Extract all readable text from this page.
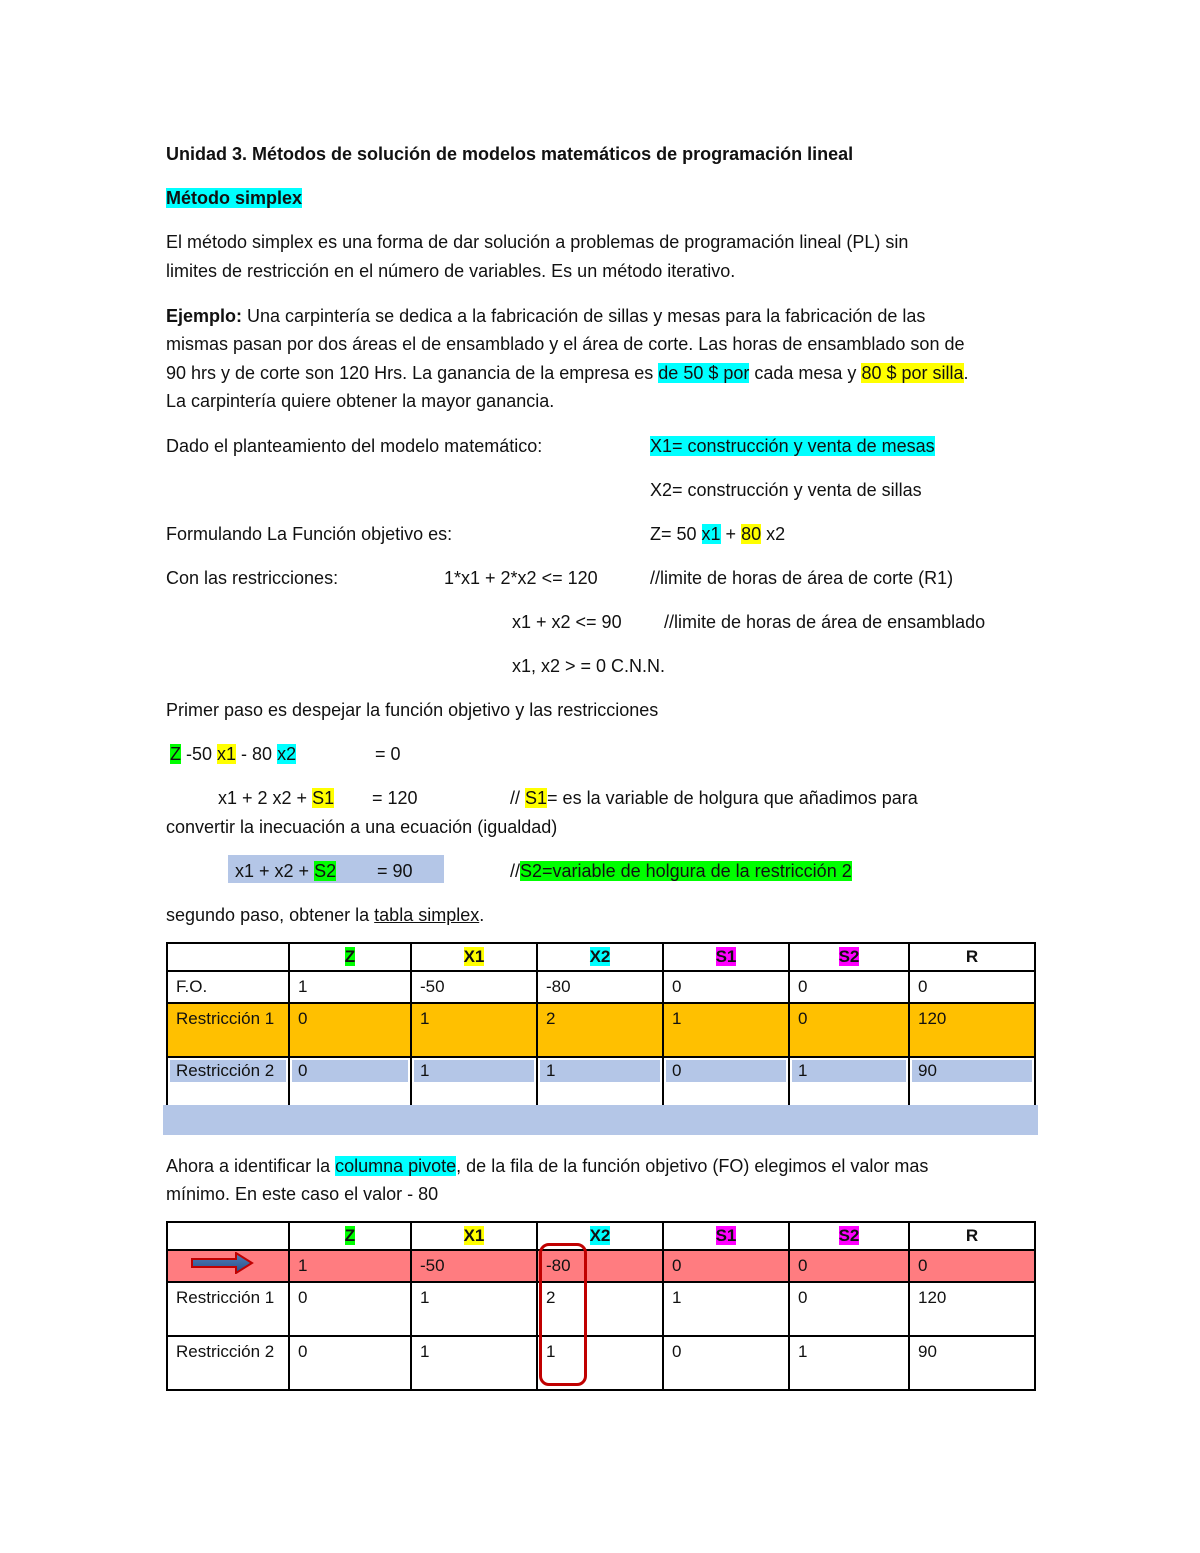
Unidad 3. Métodos de solución de modelos matemáticos de programación lineal
Método simplex
El método simplex es una forma de dar solución a problemas de programación lineal (PL) sin
limites de restricción en el número de variables. Es un método iterativo.
Ejemplo: Una carpintería se dedica a la fabricación de sillas y mesas para la fabricación de las
mismas pasan por dos áreas el de ensamblado y el área de corte. Las horas de ensamblado son de
90 hrs y de corte son 120 Hrs. La ganancia de la empresa es de 50 $ por cada mesa y 80 $ por silla.
La carpintería quiere obtener la mayor ganancia.
Dado el planteamiento del modelo matemático:	X1= construcción y venta de mesas
X2= construcción y venta de sillas
Formulando La Función objetivo es:	Z= 50 x1 + 80 x2
Con las restricciones:	1*x1 + 2*x2 <= 120	//limite de horas de área de corte (R1)
x1 + x2 <= 90 //limite de horas de área de ensamblado
x1, x2 > = 0 C.N.N.
Primer paso es despejar la función objetivo y las restricciones
Z -50 x1 - 80 x2	= 0
x1 + 2 x2 + S1 = 120	// S1= es la variable de holgura que añadimos para
convertir la inecuación a una ecuación (igualdad)
x1 + x2 + S2 = 90	//S2=variable de holgura de la restricción 2
segundo paso, obtener la tabla simplex.
	Z	X1	X2	S1	S2	R
F.O.	1	-50	-80	0	0	0
Restricción 1	0	1	2	1	0	120

Restricción 2	0	1	1	0	1	90
Ahora a identificar la columna pivote, de la fila de la función objetivo (FO) elegimos el valor mas
mínimo. En este caso el valor - 80
	Z	X1	X2	S1	S2	R

	1	-50	-80	0	0	0
Restricción 1	0	1	2	1	0	120
Restricción 2	0	1	1	0	1	90
